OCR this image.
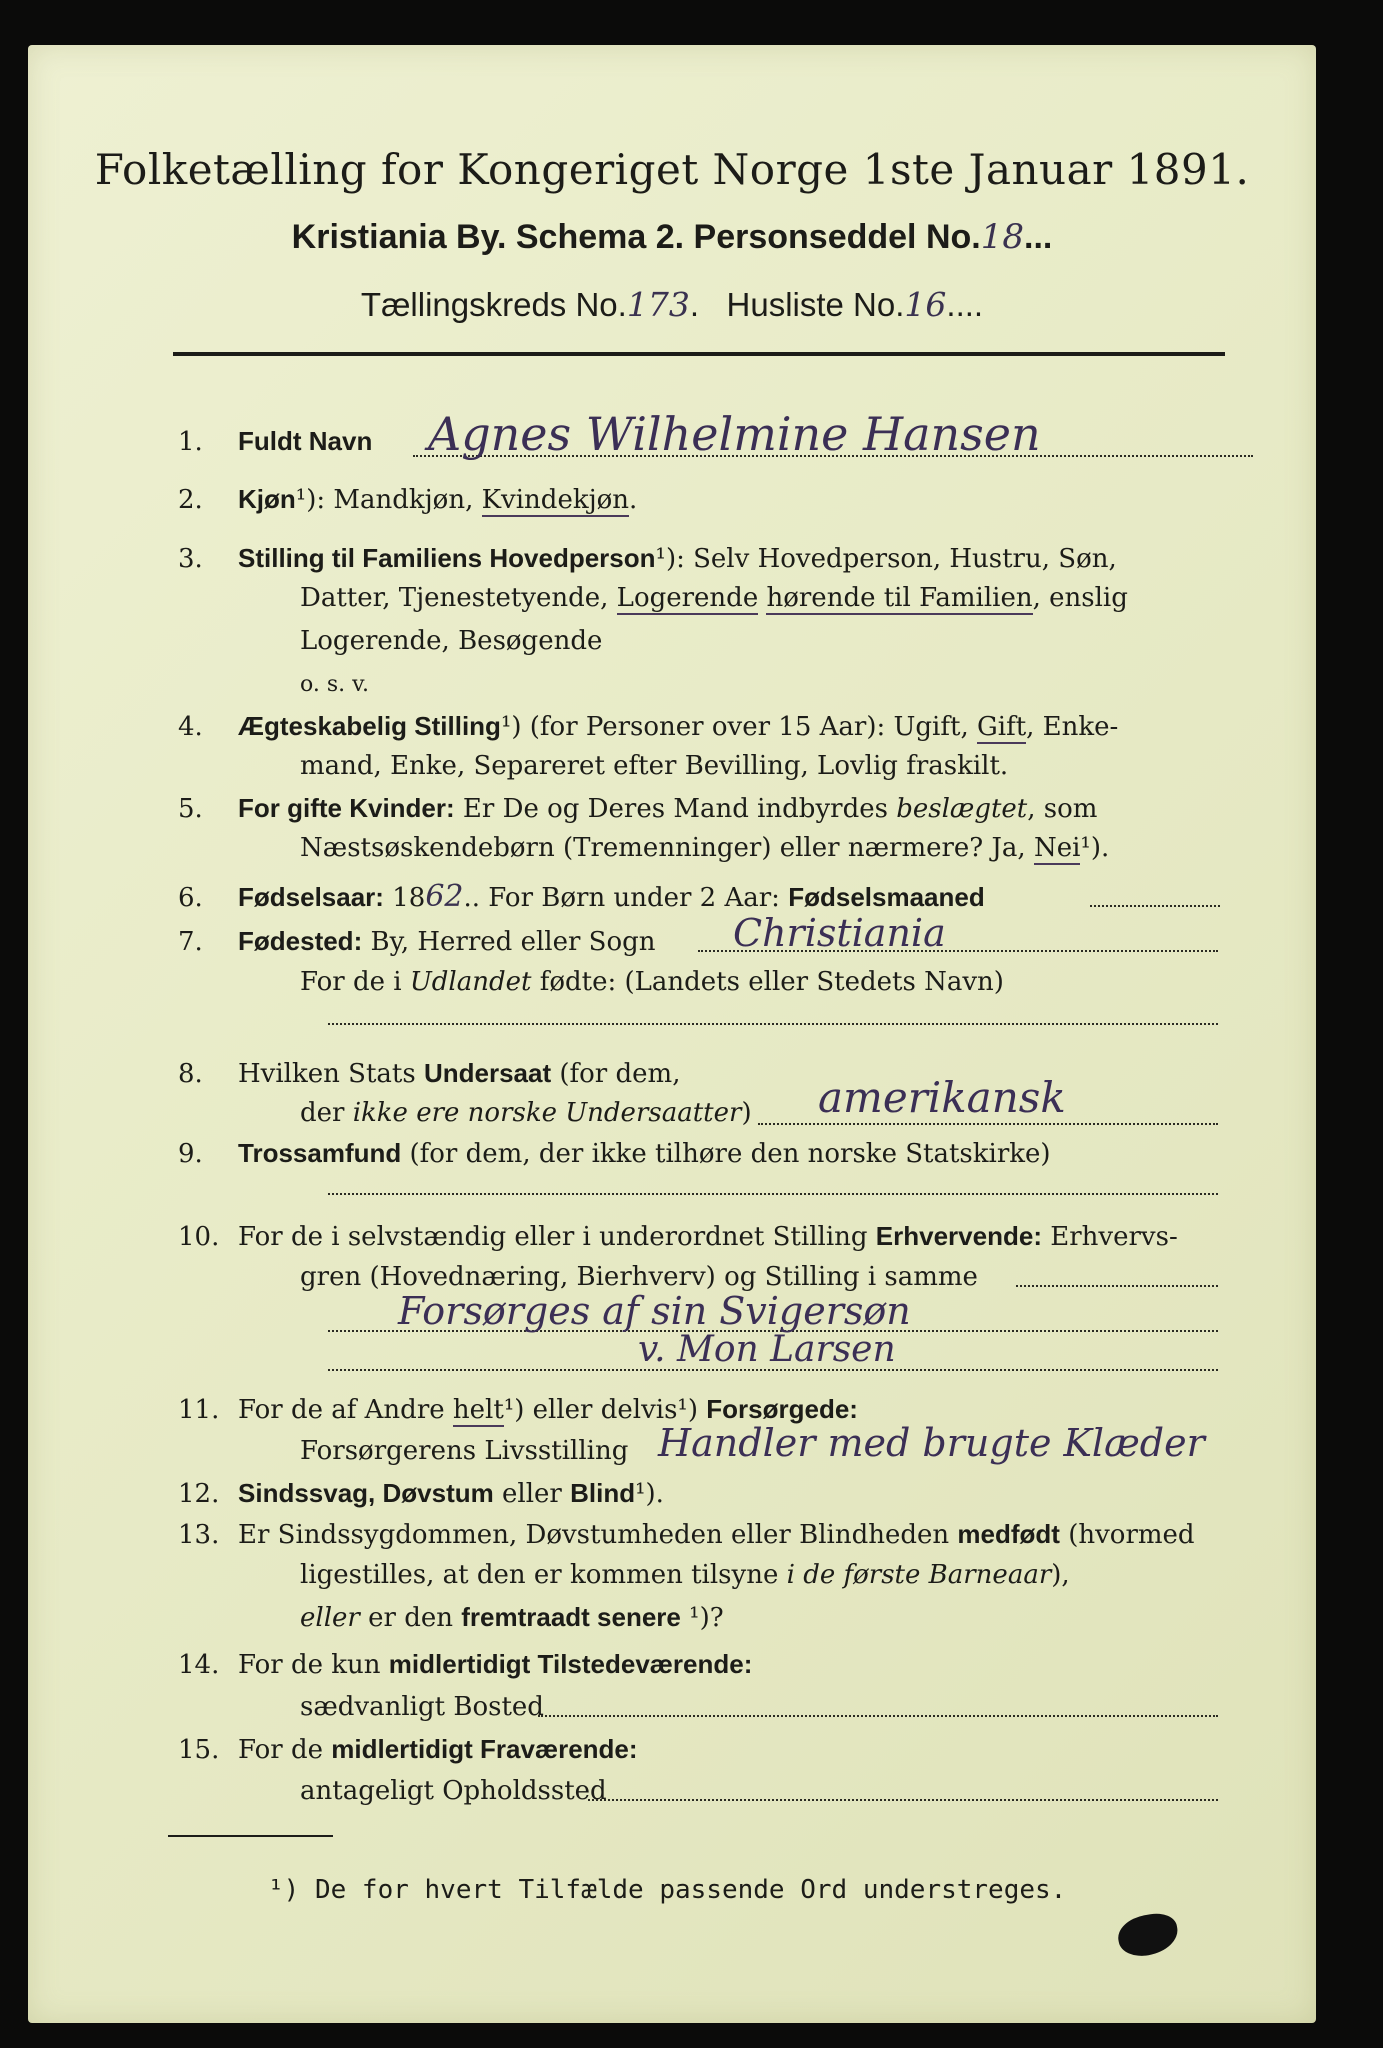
Folketælling for Kongeriget Norge 1ste Januar 1891.
Kristiania By. Schema 2. Personseddel No.18...
Tællingskreds No.173.   Husliste No.16....
1. Fuldt Navn	Agnes Wilhelmine Hansen
2. Kjøn¹): Mandkjøn, Kvindekjøn.
3. Stilling til Familiens Hovedperson¹): Selv Hovedperson, Hustru, Søn,
Datter, Tjenestetyende, Logerende hørende til Familien, enslig
Logerende, Besøgende
o. s. v.
4. Ægteskabelig Stilling¹) (for Personer over 15 Aar): Ugift, Gift, Enke-
mand, Enke, Separeret efter Bevilling, Lovlig fraskilt.
5. For gifte Kvinder: Er De og Deres Mand indbyrdes beslægtet, som
Næstsøskendebørn (Tremenninger) eller nærmere? Ja, Nei¹).
6. Fødselsaar: 1862.. For Børn under 2 Aar: Fødselsmaaned
7. Fødested: By, Herred eller Sogn	Christiania
For de i Udlandet fødte: (Landets eller Stedets Navn)
8. Hvilken Stats Undersaat (for dem,
der ikke ere norske Undersaatter) amerikansk
9. Trossamfund (for dem, der ikke tilhøre den norske Statskirke)
10. For de i selvstændig eller i underordnet Stilling Erhvervende: Erhvervs-
gren (Hovednæring, Bierhverv) og Stilling i samme
Forsørges af sin Svigersøn
v. Mon Larsen
11. For de af Andre helt¹) eller delvis¹) Forsørgede:
Forsørgerens Livsstilling Handler med brugte Klæder
12. Sindssvag, Døvstum eller Blind¹).
13. Er Sindssygdommen, Døvstumheden eller Blindheden medfødt (hvormed
ligestilles, at den er kommen tilsyne i de første Barneaar),
eller er den fremtraadt senere ¹)?
14. For de kun midlertidigt Tilstedeværende:
sædvanligt Bosted
15. For de midlertidigt Fraværende:
antageligt Opholdssted
¹) De for hvert Tilfælde passende Ord understreges.
